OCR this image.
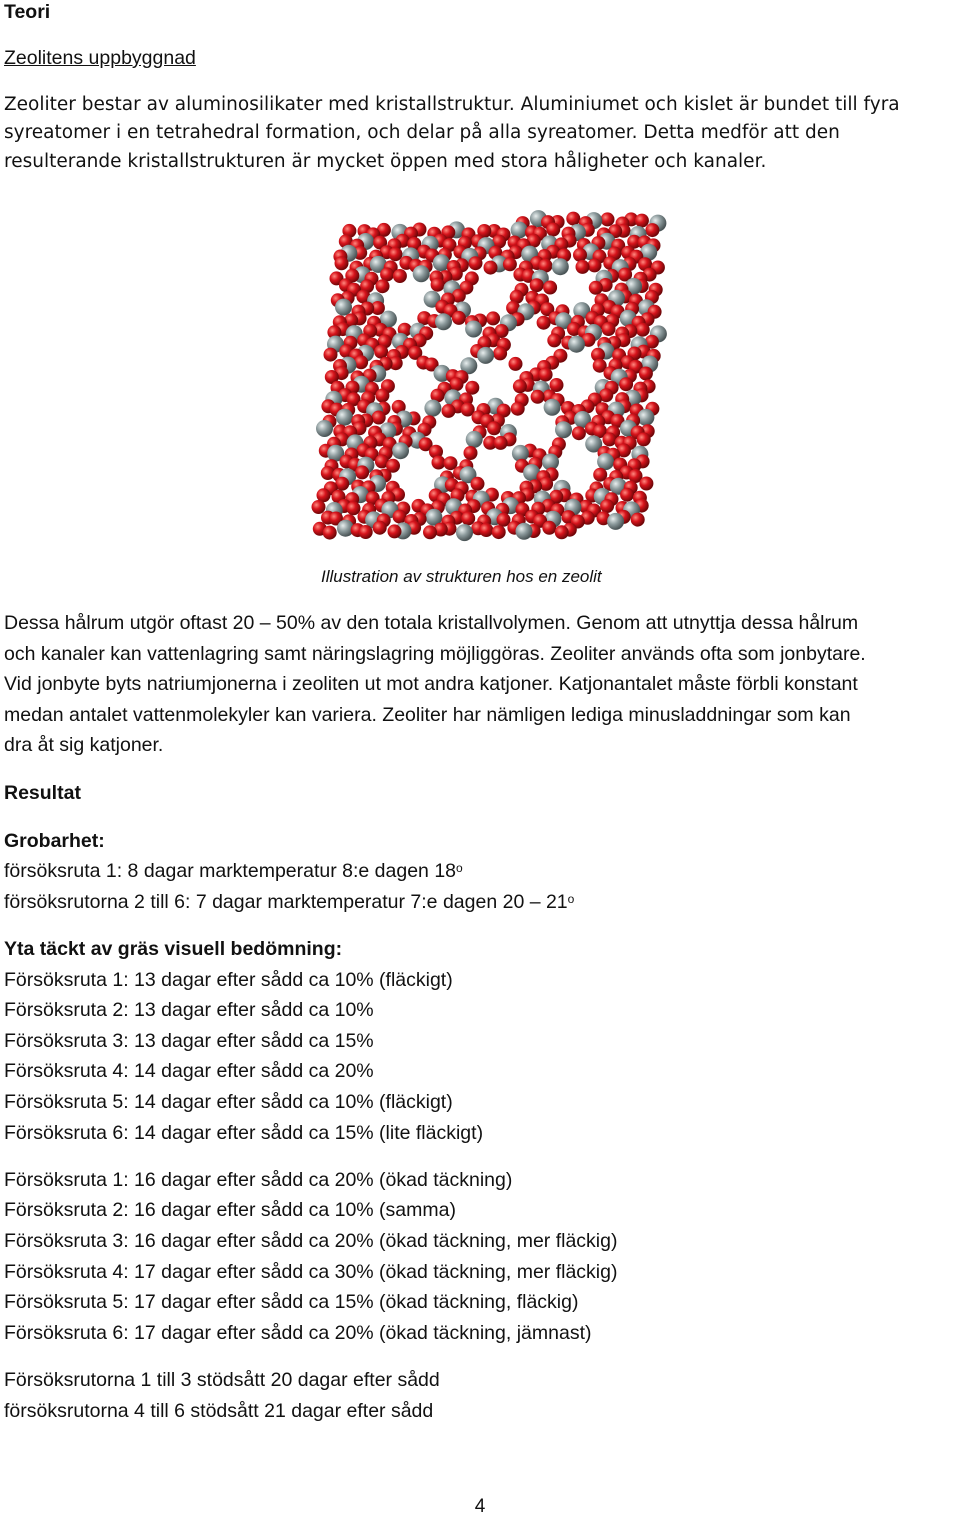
Teori
Zeolitens uppbyggnad
Zeoliter bestar av aluminosilikater med kristallstruktur. Aluminiumet och kislet är bundet till fyra
syreatomer i en tetrahedral formation, och delar på alla syreatomer. Detta medför att den
resulterande kristallstrukturen är mycket öppen med stora håligheter och kanaler.
Illustration av strukturen hos en zeolit
Dessa hålrum utgör oftast 20 – 50% av den totala kristallvolymen. Genom att utnyttja dessa hålrum
och kanaler kan vattenlagring samt näringslagring möjliggöras. Zeoliter används ofta som jonbytare.
Vid jonbyte byts natriumjonerna i zeoliten ut mot andra katjoner. Katjonantalet måste förbli konstant
medan antalet vattenmolekyler kan variera. Zeoliter har nämligen lediga minusladdningar som kan
dra åt sig katjoner.
Resultat
Grobarhet:
försöksruta 1: 8 dagar marktemperatur 8:e dagen 18$^o$
försöksrutorna 2 till 6: 7 dagar marktemperatur 7:e dagen 20 – 21$^o$
Yta täckt av gräs visuell bedömning:
Försöksruta 1: 13 dagar efter sådd ca 10% (fläckigt)
Försöksruta 2: 13 dagar efter sådd ca 10%
Försöksruta 3: 13 dagar efter sådd ca 15%
Försöksruta 4: 14 dagar efter sådd ca 20%
Försöksruta 5: 14 dagar efter sådd ca 10% (fläckigt)
Försöksruta 6: 14 dagar efter sådd ca 15% (lite fläckigt)
Försöksruta 1: 16 dagar efter sådd ca 20% (ökad täckning)
Försöksruta 2: 16 dagar efter sådd ca 10% (samma)
Försöksruta 3: 16 dagar efter sådd ca 20% (ökad täckning, mer fläckig)
Försöksruta 4: 17 dagar efter sådd ca 30% (ökad täckning, mer fläckig)
Försöksruta 5: 17 dagar efter sådd ca 15% (ökad täckning, fläckig)
Försöksruta 6: 17 dagar efter sådd ca 20% (ökad täckning, jämnast)
Försöksrutorna 1 till 3 stödsått 20 dagar efter sådd
försöksrutorna 4 till 6 stödsått 21 dagar efter sådd
4
